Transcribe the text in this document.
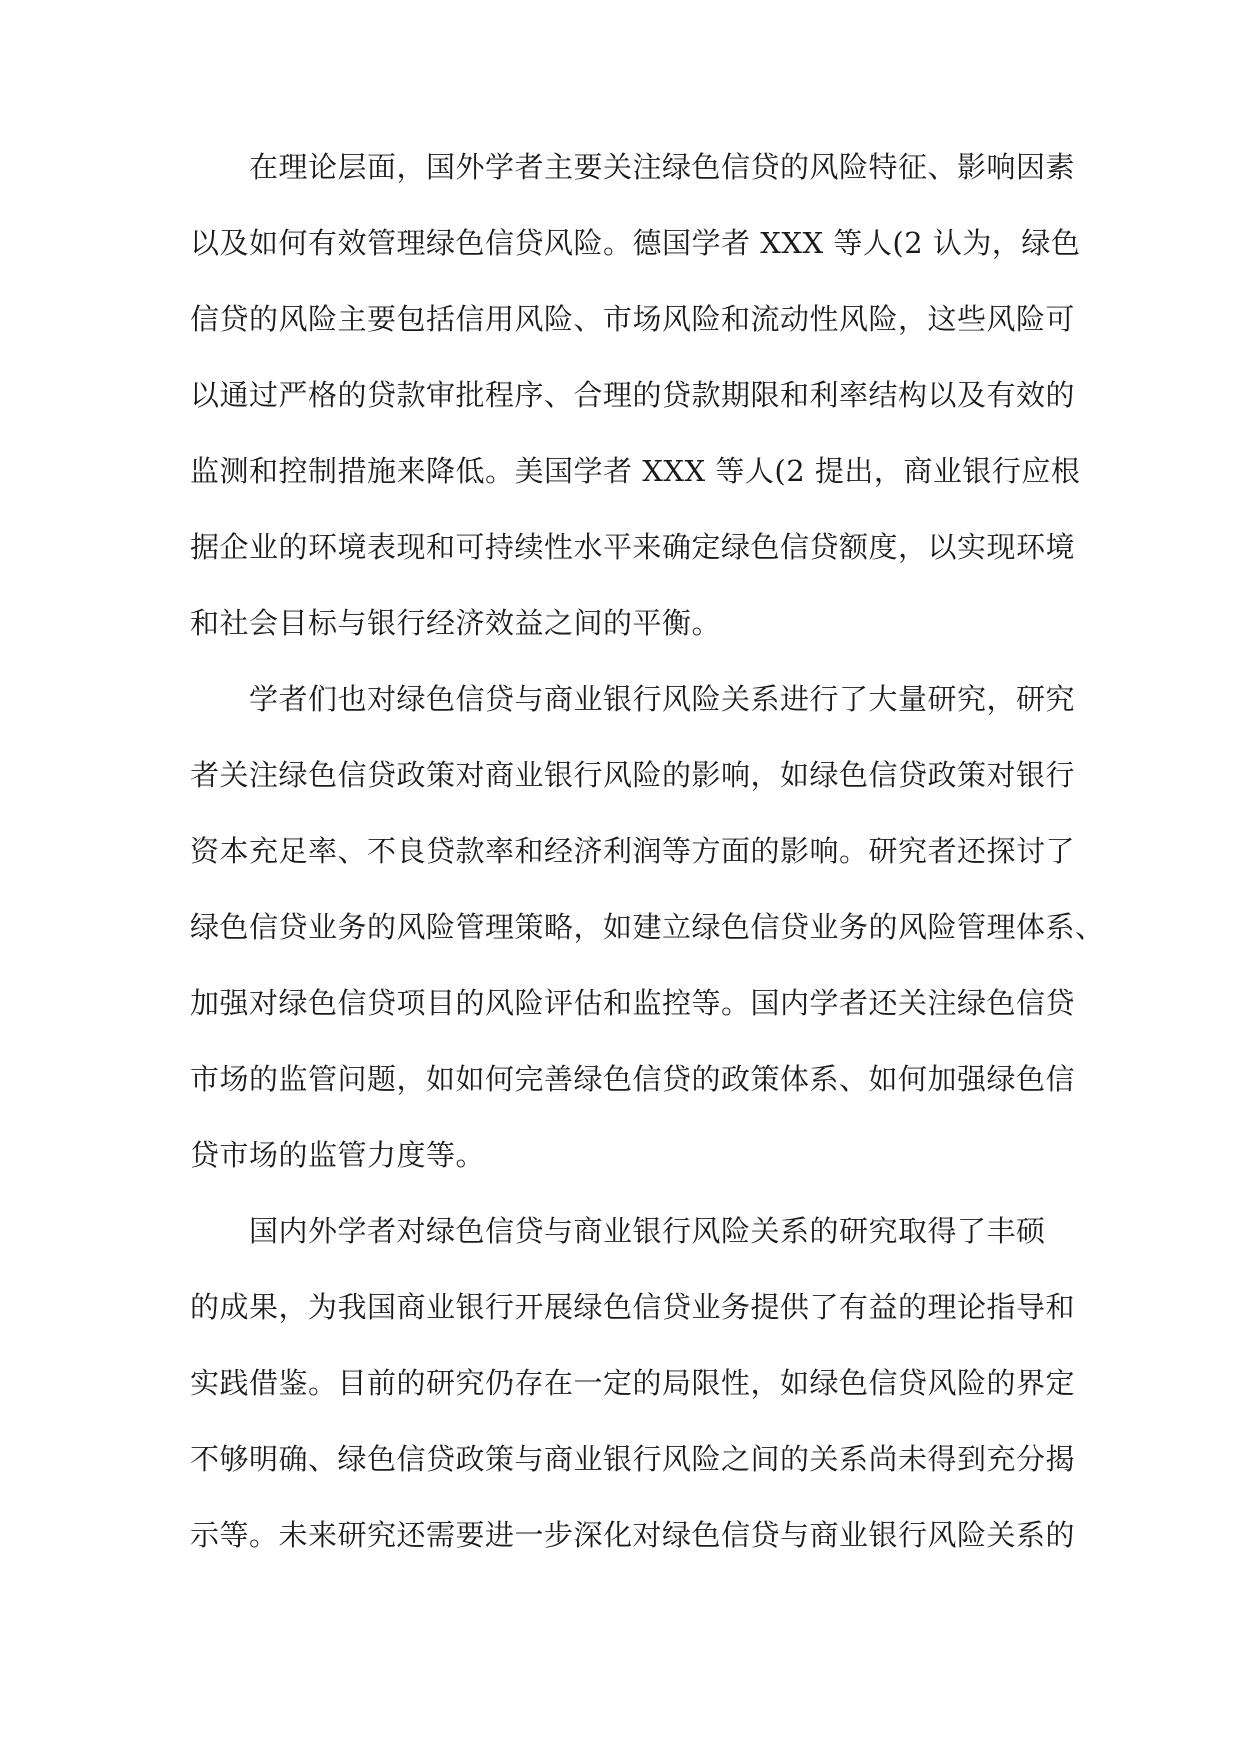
　　在理论层面，国外学者主要关注绿色信贷的风险特征、影响因素
以及如何有效管理绿色信贷风险。德国学者 XXX 等人(2 认为，绿色
信贷的风险主要包括信用风险、市场风险和流动性风险，这些风险可
以通过严格的贷款审批程序、合理的贷款期限和利率结构以及有效的
监测和控制措施来降低。美国学者 XXX 等人(2 提出，商业银行应根
据企业的环境表现和可持续性水平来确定绿色信贷额度，以实现环境
和社会目标与银行经济效益之间的平衡。
　　学者们也对绿色信贷与商业银行风险关系进行了大量研究，研究
者关注绿色信贷政策对商业银行风险的影响，如绿色信贷政策对银行
资本充足率、不良贷款率和经济利润等方面的影响。研究者还探讨了
绿色信贷业务的风险管理策略，如建立绿色信贷业务的风险管理体系、
加强对绿色信贷项目的风险评估和监控等。国内学者还关注绿色信贷
市场的监管问题，如如何完善绿色信贷的政策体系、如何加强绿色信
贷市场的监管力度等。
　　国内外学者对绿色信贷与商业银行风险关系的研究取得了丰硕
的成果，为我国商业银行开展绿色信贷业务提供了有益的理论指导和
实践借鉴。目前的研究仍存在一定的局限性，如绿色信贷风险的界定
不够明确、绿色信贷政策与商业银行风险之间的关系尚未得到充分揭
示等。未来研究还需要进一步深化对绿色信贷与商业银行风险关系的
